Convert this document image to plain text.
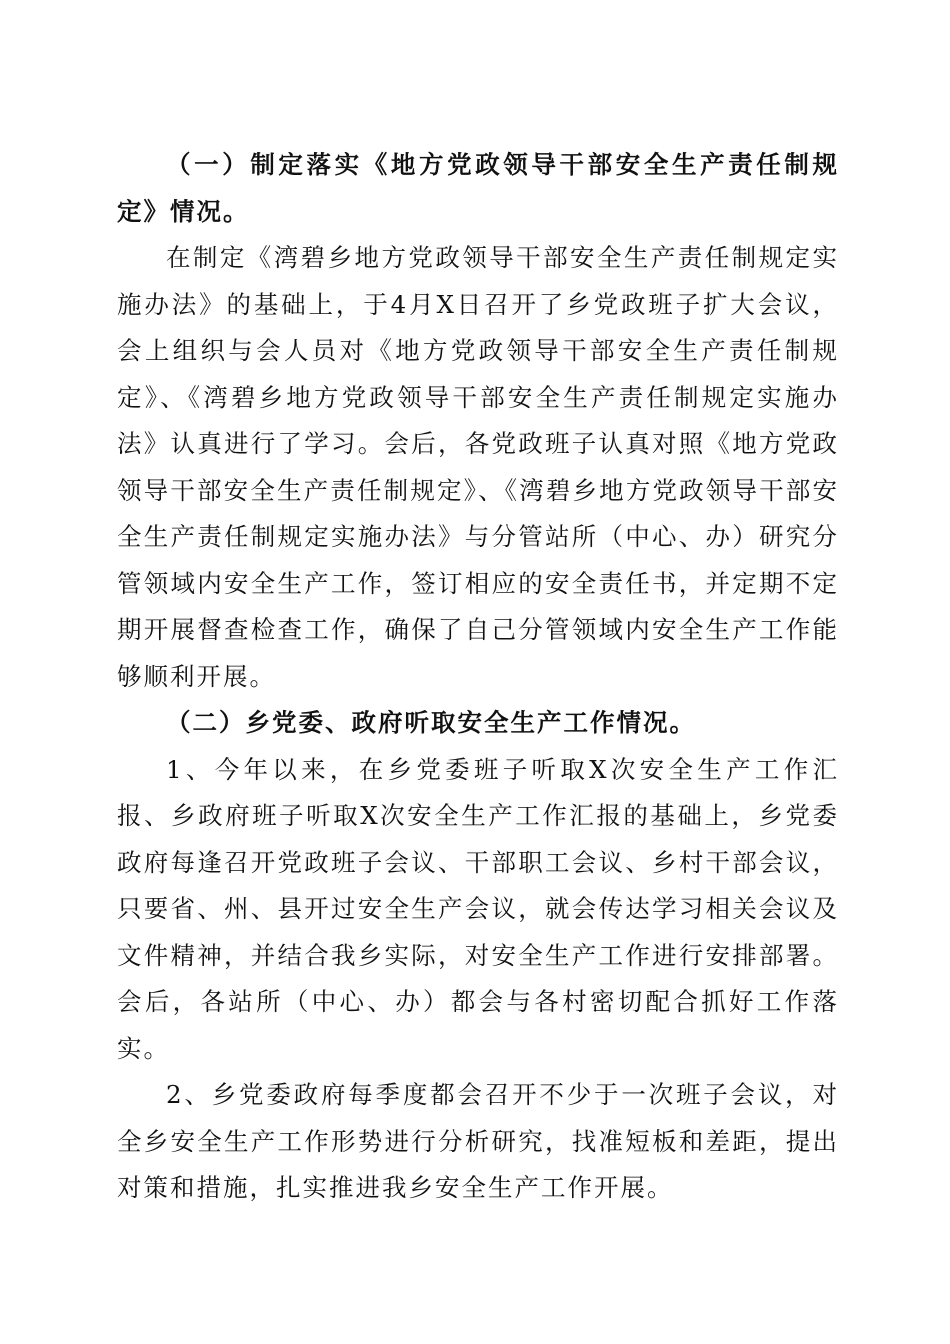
（一）制定落实《地方党政领导干部安全生产责任制规定》情况。

在制定《湾碧乡地方党政领导干部安全生产责任制规定实施办法》的基础上，于4月X日召开了乡党政班子扩大会议，会上组织与会人员对《地方党政领导干部安全生产责任制规定》、《湾碧乡地方党政领导干部安全生产责任制规定实施办法》认真进行了学习。会后，各党政班子认真对照《地方党政领导干部安全生产责任制规定》、《湾碧乡地方党政领导干部安全生产责任制规定实施办法》与分管站所（中心、办）研究分管领域内安全生产工作，签订相应的安全责任书，并定期不定期开展督查检查工作，确保了自己分管领域内安全生产工作能够顺利开展。

（二）乡党委、政府听取安全生产工作情况。

1、今年以来，在乡党委班子听取X次安全生产工作汇报、乡政府班子听取X次安全生产工作汇报的基础上，乡党委政府每逢召开党政班子会议、干部职工会议、乡村干部会议，只要省、州、县开过安全生产会议，就会传达学习相关会议及文件精神，并结合我乡实际，对安全生产工作进行安排部署。会后，各站所（中心、办）都会与各村密切配合抓好工作落实。

2、乡党委政府每季度都会召开不少于一次班子会议，对全乡安全生产工作形势进行分析研究，找准短板和差距，提出对策和措施，扎实推进我乡安全生产工作开展。
